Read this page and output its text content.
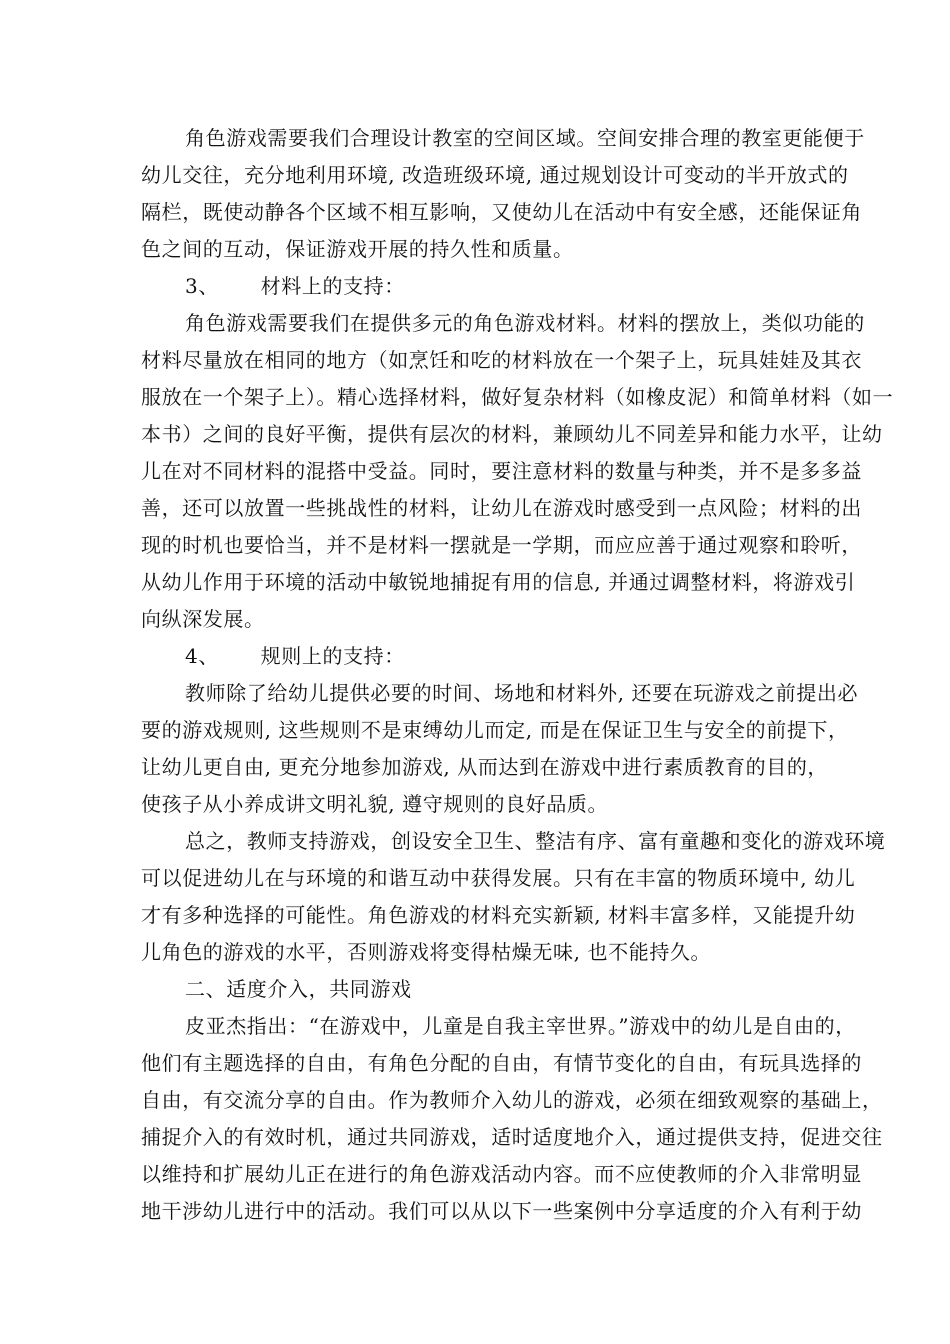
角色游戏需要我们合理设计教室的空间区域。空间安排合理的教室更能便于
幼儿交往，充分地利用环境, 改造班级环境, 通过规划设计可变动的半开放式的
隔栏，既使动静各个区域不相互影响，又使幼儿在活动中有安全感，还能保证角
色之间的互动，保证游戏开展的持久性和质量。
3、      材料上的支持：
角色游戏需要我们在提供多元的角色游戏材料。材料的摆放上，类似功能的
材料尽量放在相同的地方（如烹饪和吃的材料放在一个架子上，玩具娃娃及其衣
服放在一个架子上）。精心选择材料，做好复杂材料（如橡皮泥）和简单材料（如一
本书）之间的良好平衡，提供有层次的材料，兼顾幼儿不同差异和能力水平，让幼
儿在对不同材料的混搭中受益。同时，要注意材料的数量与种类，并不是多多益
善，还可以放置一些挑战性的材料，让幼儿在游戏时感受到一点风险；材料的出
现的时机也要恰当，并不是材料一摆就是一学期，而应应善于通过观察和聆听，
从幼儿作用于环境的活动中敏锐地捕捉有用的信息, 并通过调整材料，将游戏引
向纵深发展。
4、      规则上的支持：
教师除了给幼儿提供必要的时间、场地和材料外, 还要在玩游戏之前提出必
要的游戏规则, 这些规则不是束缚幼儿而定, 而是在保证卫生与安全的前提下，
让幼儿更自由, 更充分地参加游戏, 从而达到在游戏中进行素质教育的目的，
使孩子从小养成讲文明礼貌, 遵守规则的良好品质。
总之，教师支持游戏，创设安全卫生、整洁有序、富有童趣和变化的游戏环境
可以促进幼儿在与环境的和谐互动中获得发展。只有在丰富的物质环境中, 幼儿
才有多种选择的可能性。角色游戏的材料充实新颖, 材料丰富多样，又能提升幼
儿角色的游戏的水平，否则游戏将变得枯燥无味, 也不能持久。
二、适度介入，共同游戏
皮亚杰指出：“在游戏中，儿童是自我主宰世界。”游戏中的幼儿是自由的，
他们有主题选择的自由，有角色分配的自由，有情节变化的自由，有玩具选择的
自由，有交流分享的自由。作为教师介入幼儿的游戏，必须在细致观察的基础上，
捕捉介入的有效时机，通过共同游戏，适时适度地介入，通过提供支持，促进交往
以维持和扩展幼儿正在进行的角色游戏活动内容。而不应使教师的介入非常明显
地干涉幼儿进行中的活动。我们可以从以下一些案例中分享适度的介入有利于幼
